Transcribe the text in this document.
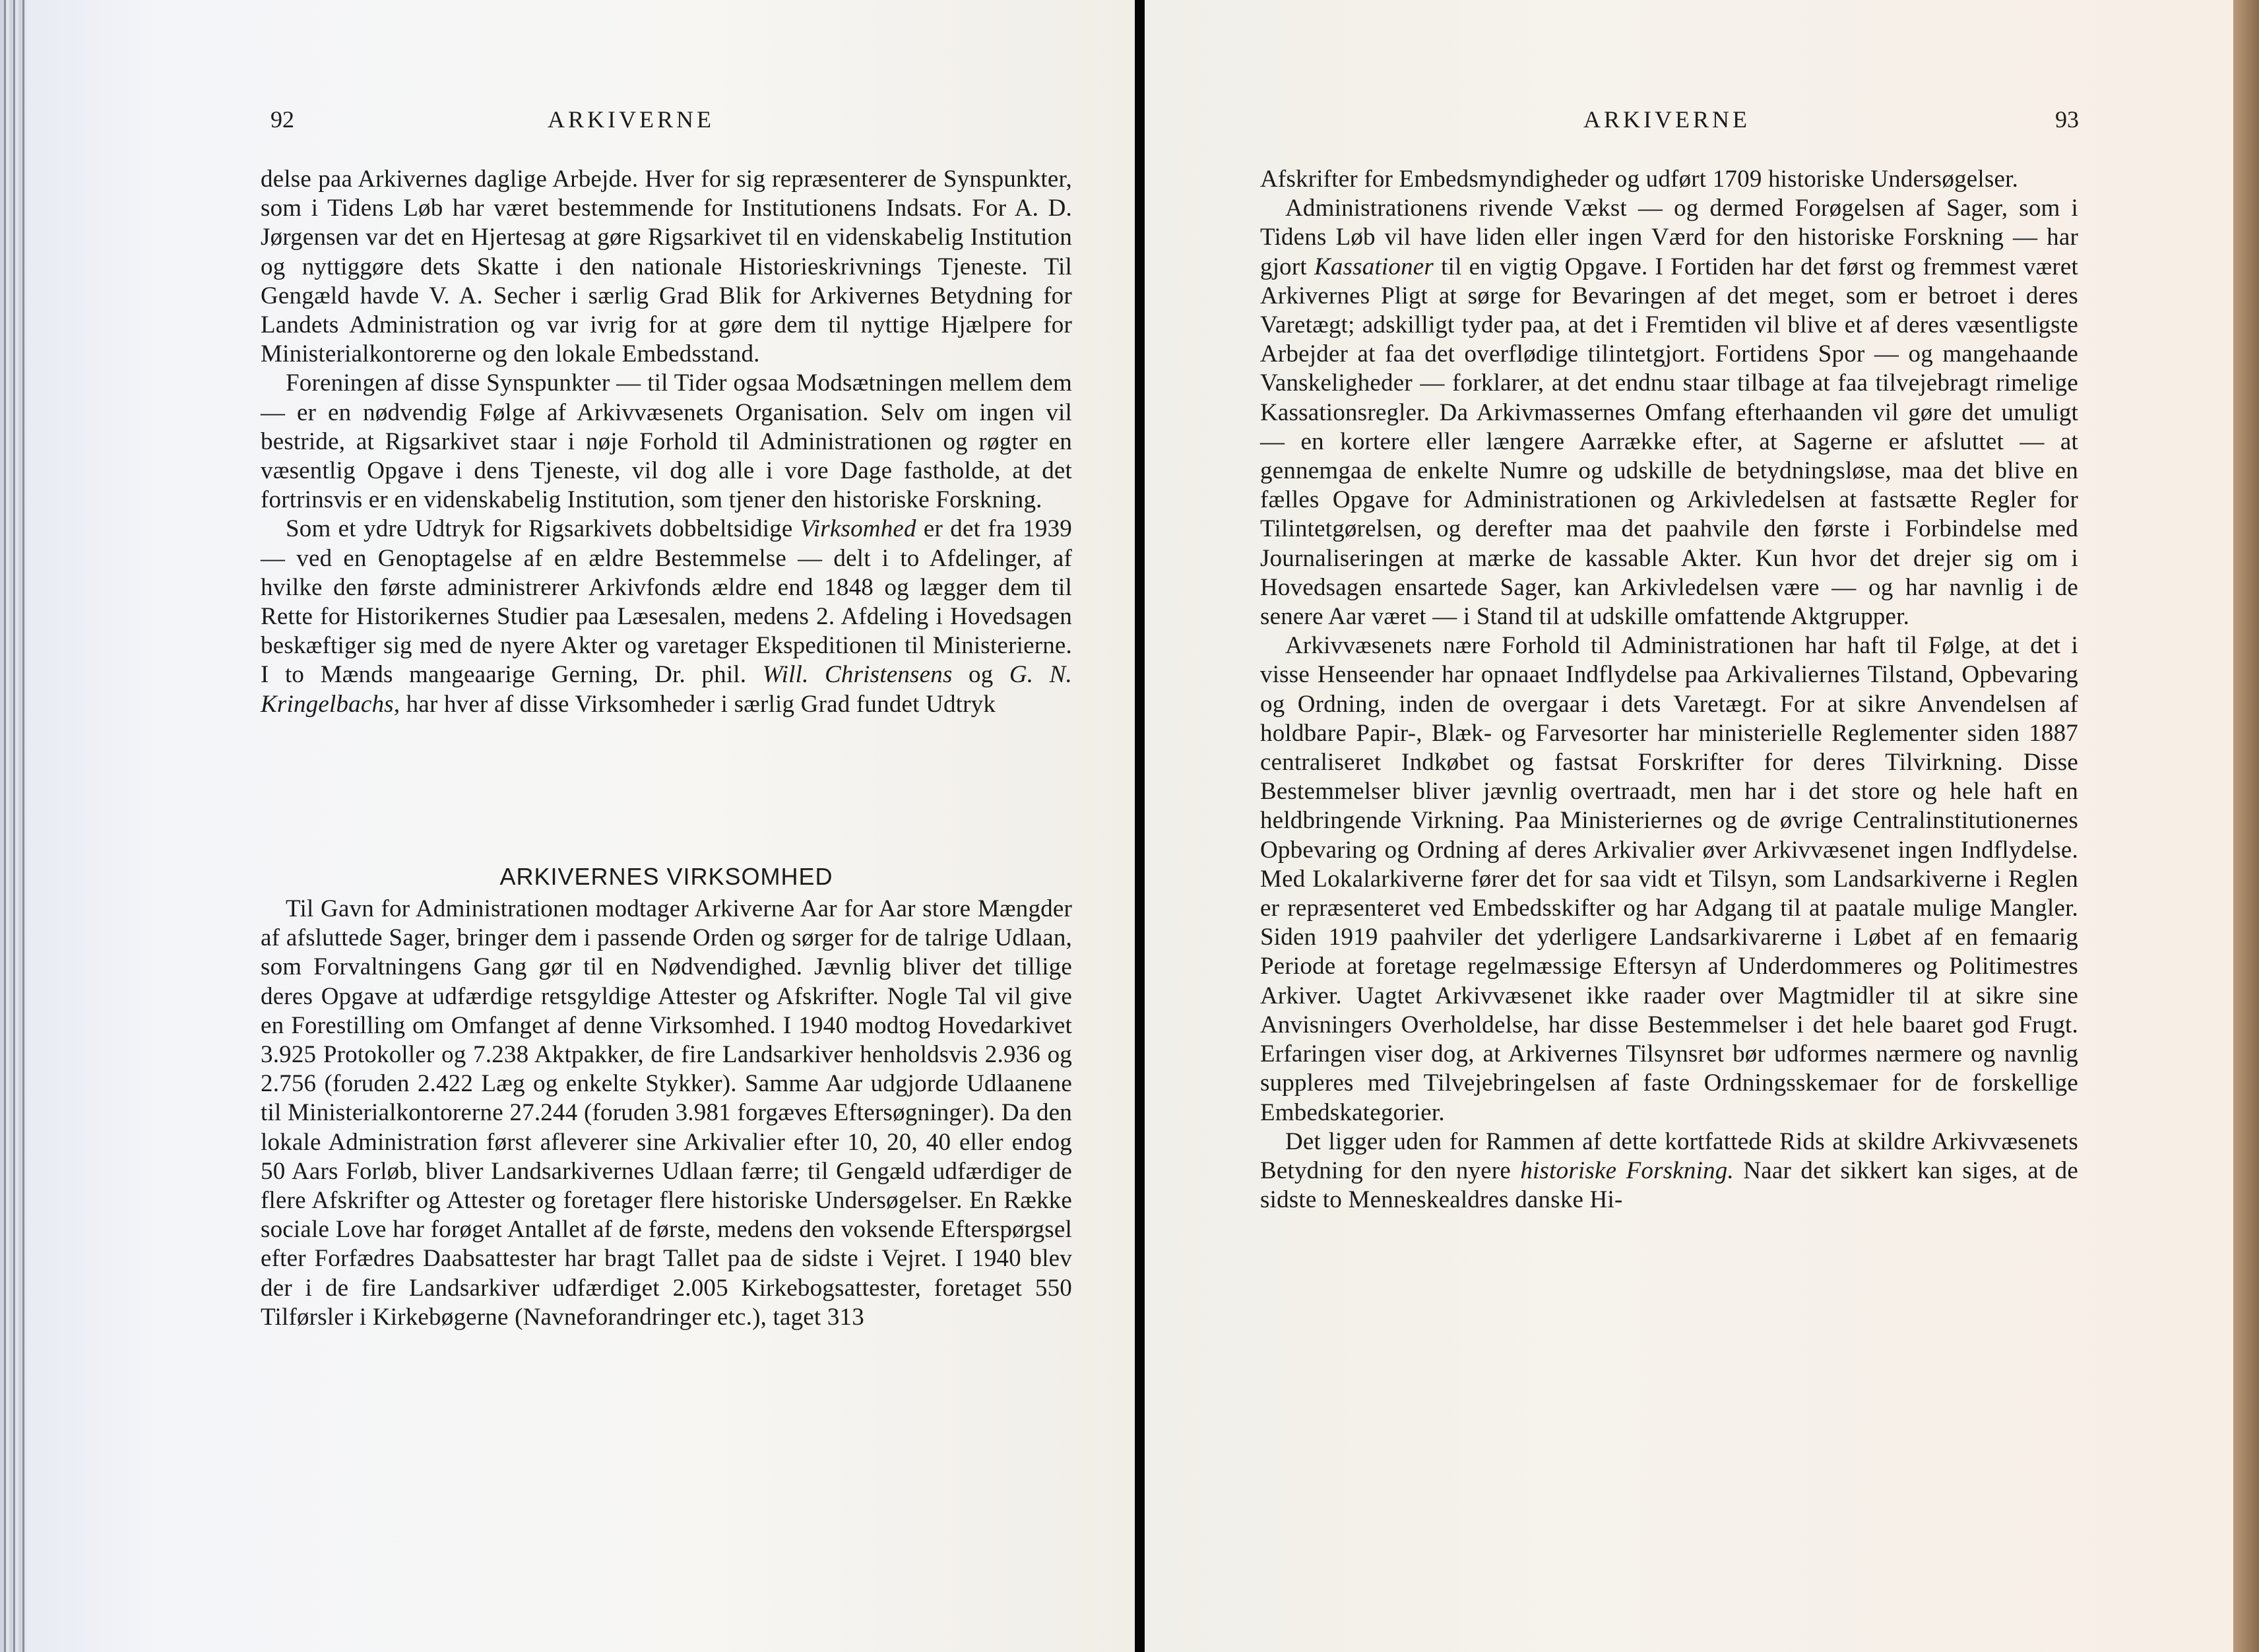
92	ARKIVERNE

delse paa Arkivernes daglige Arbejde. Hver for sig repræsenterer de Synspunkter, som i Tidens Løb har været bestemmende for Institutionens Indsats. For A. D. Jørgensen var det en Hjertesag at gøre Rigsarkivet til en videnskabelig Institution og nyttiggøre dets Skatte i den nationale Historieskrivnings Tjeneste. Til Gengæld havde V. A. Secher i særlig Grad Blik for Arkivernes Betydning for Landets Administration og var ivrig for at gøre dem til nyttige Hjælpere for Ministerialkontorerne og den lokale Embedsstand.

Foreningen af disse Synspunkter — til Tider ogsaa Modsætningen mellem dem — er en nødvendig Følge af Arkivvæsenets Organisation. Selv om ingen vil bestride, at Rigsarkivet staar i nøje Forhold til Administrationen og røgter en væsentlig Opgave i dens Tjeneste, vil dog alle i vore Dage fastholde, at det fortrinsvis er en videnskabelig Institution, som tjener den historiske Forskning.

Som et ydre Udtryk for Rigsarkivets dobbeltsidige Virksomhed er det fra 1939 — ved en Genoptagelse af en ældre Bestemmelse — delt i to Afdelinger, af hvilke den første administrerer Arkivfonds ældre end 1848 og lægger dem til Rette for Historikernes Studier paa Læsesalen, medens 2. Afdeling i Hovedsagen beskæftiger sig med de nyere Akter og varetager Ekspeditionen til Ministerierne. I to Mænds mangeaarige Gerning, Dr. phil. Will. Christensens og G. N. Kringelbachs, har hver af disse Virksomheder i særlig Grad fundet Udtryk

ARKIVERNES VIRKSOMHED

Til Gavn for Administrationen modtager Arkiverne Aar for Aar store Mængder af afsluttede Sager, bringer dem i passende Orden og sørger for de talrige Udlaan, som Forvaltningens Gang gør til en Nødvendighed. Jævnlig bliver det tillige deres Opgave at udfærdige retsgyldige Attester og Afskrifter. Nogle Tal vil give en Forestilling om Omfanget af denne Virksomhed. I 1940 modtog Hovedarkivet 3.925 Protokoller og 7.238 Aktpakker, de fire Landsarkiver henholdsvis 2.936 og 2.756 (foruden 2.422 Læg og enkelte Stykker). Samme Aar udgjorde Udlaanene til Ministerialkontorerne 27.244 (foruden 3.981 forgæves Eftersøgninger). Da den lokale Administration først afleverer sine Arkivalier efter 10, 20, 40 eller endog 50 Aars Forløb, bliver Landsarkivernes Udlaan færre; til Gengæld udfærdiger de flere Afskrifter og Attester og foretager flere historiske Undersøgelser. En Række sociale Love har forøget Antallet af de første, medens den voksende Efterspørgsel efter Forfædres Daabsattester har bragt Tallet paa de sidste i Vejret. I 1940 blev der i de fire Landsarkiver udfærdiget 2.005 Kirkebogsattester, foretaget 550 Tilførsler i Kirkebøgerne (Navneforandringer etc.), taget 313

ARKIVERNE	93

Afskrifter for Embedsmyndigheder og udført 1709 historiske Undersøgelser.

Administrationens rivende Vækst — og dermed Forøgelsen af Sager, som i Tidens Løb vil have liden eller ingen Værd for den historiske Forskning — har gjort Kassationer til en vigtig Opgave. I Fortiden har det først og fremmest været Arkivernes Pligt at sørge for Bevaringen af det meget, som er betroet i deres Varetægt; adskilligt tyder paa, at det i Fremtiden vil blive et af deres væsentligste Arbejder at faa det overflødige tilintetgjort. Fortidens Spor — og mangehaande Vanskeligheder — forklarer, at det endnu staar tilbage at faa tilvejebragt rimelige Kassationsregler. Da Arkivmassernes Omfang efterhaanden vil gøre det umuligt — en kortere eller længere Aarrække efter, at Sagerne er afsluttet — at gennemgaa de enkelte Numre og udskille de betydningsløse, maa det blive en fælles Opgave for Administrationen og Arkivledelsen at fastsætte Regler for Tilintetgørelsen, og derefter maa det paahvile den første i Forbindelse med Journaliseringen at mærke de kassable Akter. Kun hvor det drejer sig om i Hovedsagen ensartede Sager, kan Arkivledelsen være — og har navnlig i de senere Aar været — i Stand til at udskille omfattende Aktgrupper.

Arkivvæsenets nære Forhold til Administrationen har haft til Følge, at det i visse Henseender har opnaaet Indflydelse paa Arkivaliernes Tilstand, Opbevaring og Ordning, inden de overgaar i dets Varetægt. For at sikre Anvendelsen af holdbare Papir-, Blæk- og Farvesorter har ministerielle Reglementer siden 1887 centraliseret Indkøbet og fastsat Forskrifter for deres Tilvirkning. Disse Bestemmelser bliver jævnlig overtraadt, men har i det store og hele haft en heldbringende Virkning. Paa Ministeriernes og de øvrige Centralinstitutionernes Opbevaring og Ordning af deres Arkivalier øver Arkivvæsenet ingen Indflydelse. Med Lokalarkiverne fører det for saa vidt et Tilsyn, som Landsarkiverne i Reglen er repræsenteret ved Embedsskifter og har Adgang til at paatale mulige Mangler. Siden 1919 paahviler det yderligere Landsarkivarerne i Løbet af en femaarig Periode at foretage regelmæssige Eftersyn af Underdommeres og Politimestres Arkiver. Uagtet Arkivvæsenet ikke raader over Magtmidler til at sikre sine Anvisningers Overholdelse, har disse Bestemmelser i det hele baaret god Frugt. Erfaringen viser dog, at Arkivernes Tilsynsret bør udformes nærmere og navnlig suppleres med Tilvejebringelsen af faste Ordningsskemaer for de forskellige Embedskategorier.

Det ligger uden for Rammen af dette kortfattede Rids at skildre Arkivvæsenets Betydning for den nyere historiske Forskning. Naar det sikkert kan siges, at de sidste to Menneskealdres danske Hi-
